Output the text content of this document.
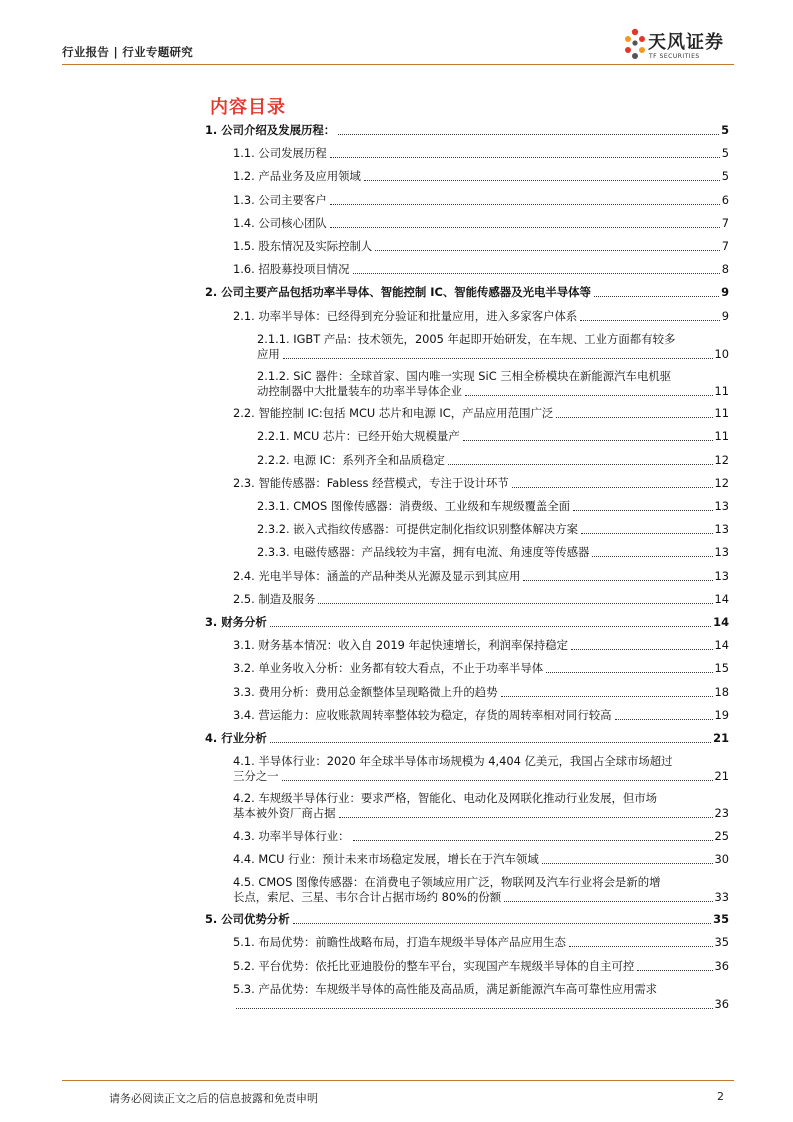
行业报告 | 行业专题研究	天风证券
TF SECURITIES
内容目录
1. 公司介绍及发展历程：	5
1.1. 公司发展历程	5
1.2. 产品业务及应用领域	5
1.3. 公司主要客户	6
1.4. 公司核心团队	7
1.5. 股东情况及实际控制人	7
1.6. 招股募投项目情况	8
2. 公司主要产品包括功率半导体、智能控制 IC、智能传感器及光电半导体等	9
2.1. 功率半导体：已经得到充分验证和批量应用，进入多家客户体系	9
2.1.1. IGBT 产品：技术领先，2005 年起即开始研发，在车规、工业方面都有较多
应用	10
2.1.2. SiC 器件：全球首家、国内唯一实现 SiC 三相全桥模块在新能源汽车电机驱
动控制器中大批量装车的功率半导体企业	11
2.2. 智能控制 IC:包括 MCU 芯片和电源 IC，产品应用范围广泛	11
2.2.1. MCU 芯片：已经开始大规模量产	11
2.2.2. 电源 IC：系列齐全和品质稳定	12
2.3. 智能传感器：Fabless 经营模式，专注于设计环节	12
2.3.1. CMOS 图像传感器：消费级、工业级和车规级覆盖全面	13
2.3.2. 嵌入式指纹传感器：可提供定制化指纹识别整体解决方案	13
2.3.3. 电磁传感器：产品线较为丰富，拥有电流、角速度等传感器	13
2.4. 光电半导体：涵盖的产品种类从光源及显示到其应用	13
2.5. 制造及服务	14
3. 财务分析	14
3.1. 财务基本情况：收入自 2019 年起快速增长，利润率保持稳定	14
3.2. 单业务收入分析：业务都有较大看点，不止于功率半导体	15
3.3. 费用分析：费用总金额整体呈现略微上升的趋势	18
3.4. 营运能力：应收账款周转率整体较为稳定，存货的周转率相对同行较高	19
4. 行业分析	21
4.1. 半导体行业：2020 年全球半导体市场规模为 4,404 亿美元，我国占全球市场超过
三分之一	21
4.2. 车规级半导体行业：要求严格，智能化、电动化及网联化推动行业发展，但市场
基本被外资厂商占据	23
4.3. 功率半导体行业：	25
4.4. MCU 行业：预计未来市场稳定发展，增长在于汽车领域	30
4.5. CMOS 图像传感器：在消费电子领域应用广泛，物联网及汽车行业将会是新的增
长点，索尼、三星、韦尔合计占据市场约 80%的份额	33
5. 公司优势分析	35
5.1. 布局优势：前瞻性战略布局，打造车规级半导体产品应用生态	35
5.2. 平台优势：依托比亚迪股份的整车平台，实现国产车规级半导体的自主可控	36
5.3. 产品优势：车规级半导体的高性能及高品质，满足新能源汽车高可靠性应用需求
36
请务必阅读正文之后的信息披露和免责申明	2
